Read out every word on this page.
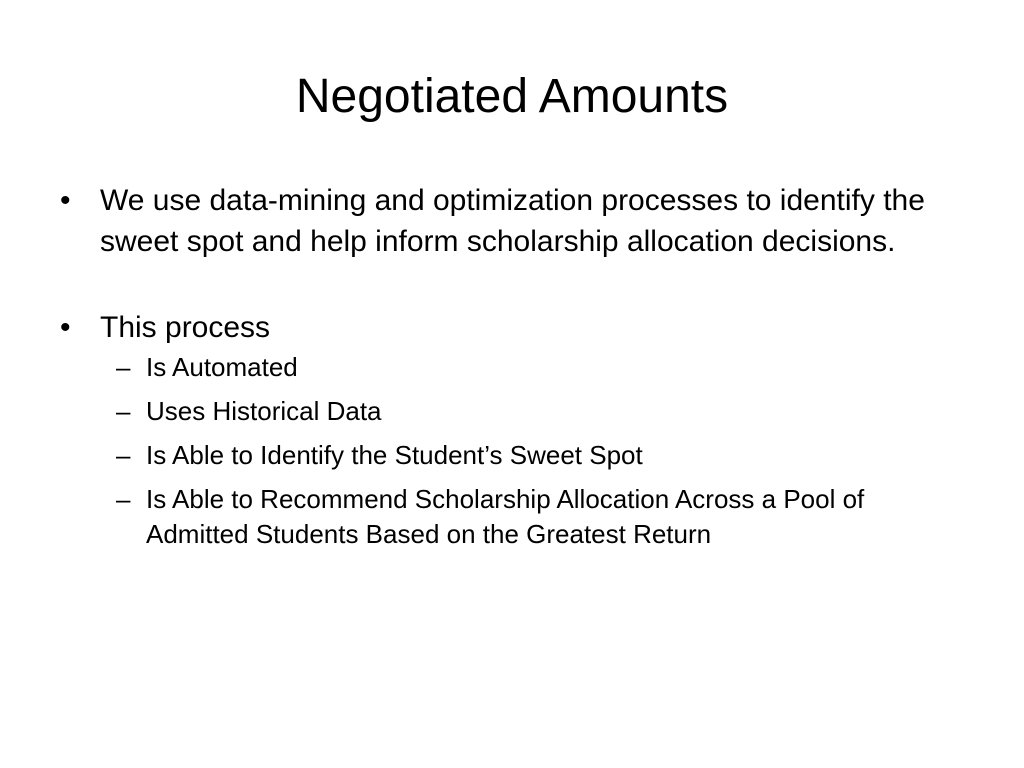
Negotiated Amounts
• We use data-mining and optimization processes to identify the sweet spot and help inform scholarship allocation decisions.
• This process
– Is Automated
– Uses Historical Data
– Is Able to Identify the Student’s Sweet Spot
– Is Able to Recommend Scholarship Allocation Across a Pool of Admitted Students Based on the Greatest Return
